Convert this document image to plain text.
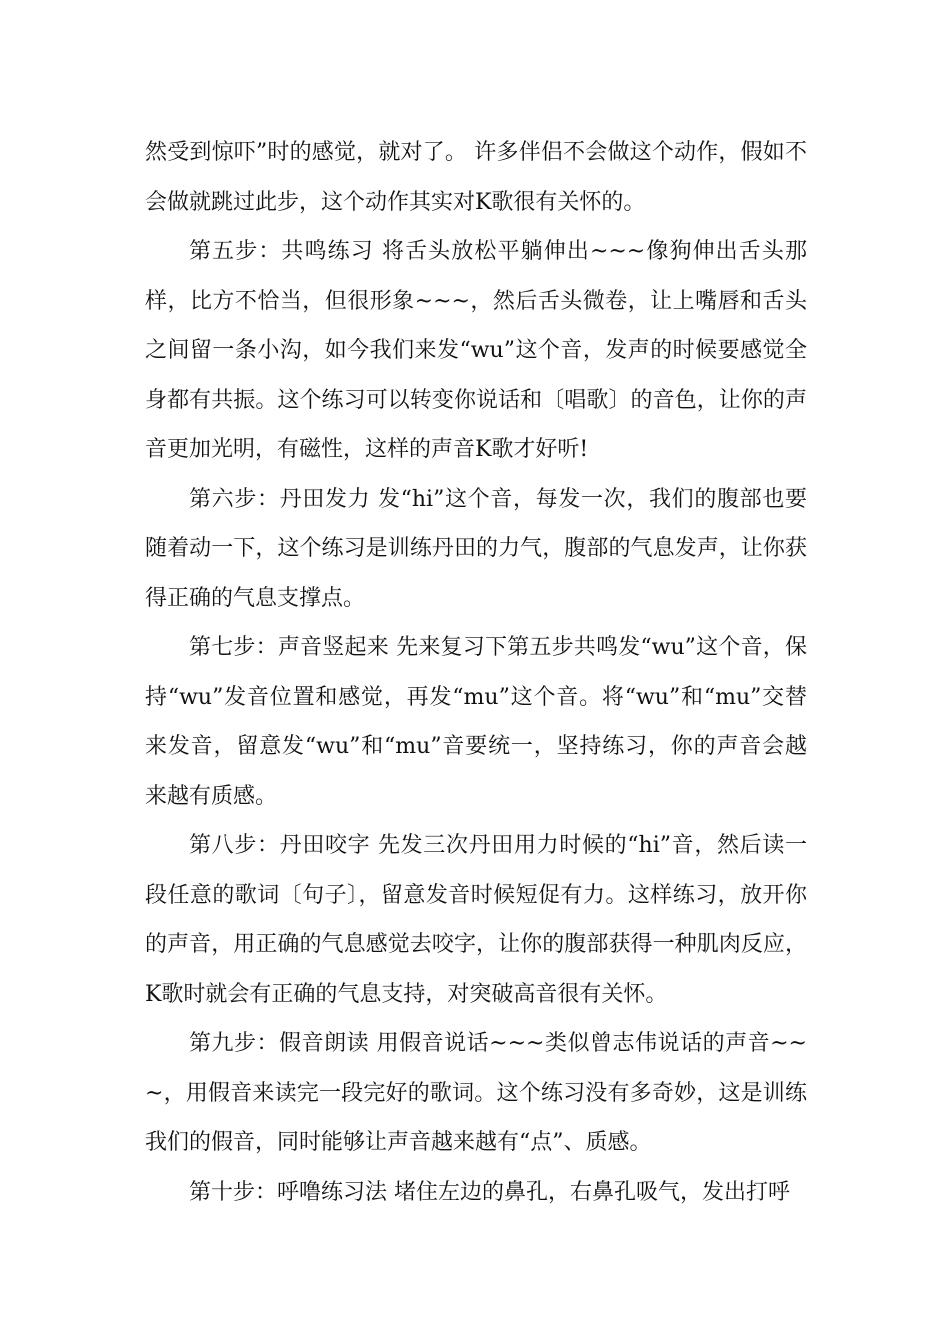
然受到惊吓”时的感觉，就对了。 许多伴侣不会做这个动作，假如不会做就跳过此步，这个动作其实对K歌很有关怀的。

第五步：共鸣练习 将舌头放松平躺伸出~~~像狗伸出舌头那样，比方不恰当，但很形象~~~，然后舌头微卷，让上嘴唇和舌头之间留一条小沟，如今我们来发“wu”这个音，发声的时候要感觉全身都有共振。这个练习可以转变你说话和〔唱歌〕的音色，让你的声音更加光明，有磁性，这样的声音K歌才好听!

第六步：丹田发力 发“hi”这个音，每发一次，我们的腹部也要随着动一下，这个练习是训练丹田的力气，腹部的气息发声，让你获得正确的气息支撑点。

第七步：声音竖起来 先来复习下第五步共鸣发“wu”这个音，保持“wu”发音位置和感觉，再发“mu”这个音。将“wu”和“mu”交替来发音，留意发“wu”和“mu”音要统一，坚持练习，你的声音会越来越有质感。

第八步：丹田咬字 先发三次丹田用力时候的“hi”音，然后读一段任意的歌词〔句子〕，留意发音时候短促有力。这样练习，放开你的声音，用正确的气息感觉去咬字，让你的腹部获得一种肌肉反应，K歌时就会有正确的气息支持，对突破高音很有关怀。

第九步：假音朗读 用假音说话~~~类似曾志伟说话的声音~~~，用假音来读完一段完好的歌词。这个练习没有多奇妙，这是训练我们的假音，同时能够让声音越来越有“点”、质感。

第十步：呼噜练习法 堵住左边的鼻孔，右鼻孔吸气，发出打呼
